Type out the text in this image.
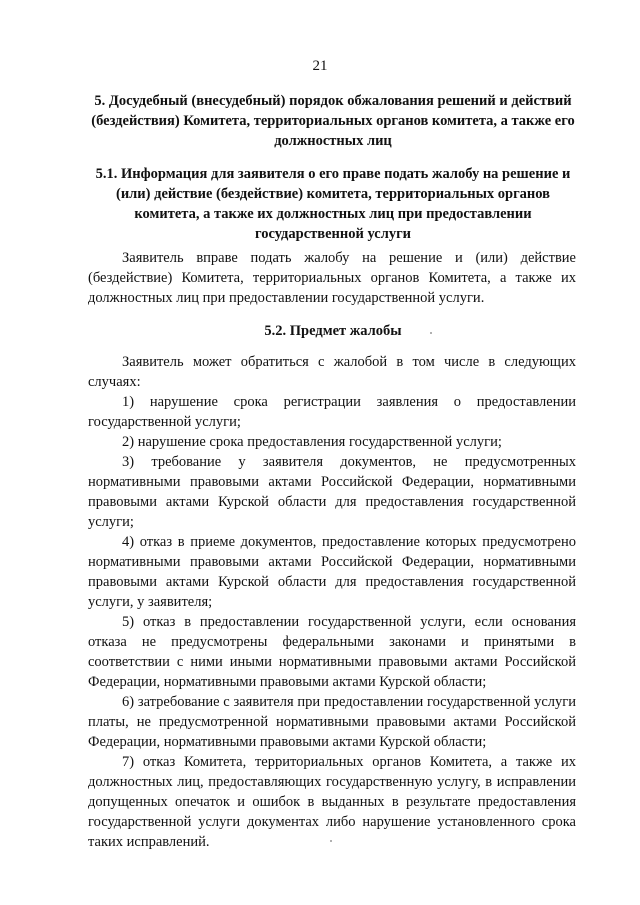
21
5. Досудебный (внесудебный) порядок обжалования решений и действий (бездействия) Комитета, территориальных органов комитета, а также его должностных лиц
5.1. Информация для заявителя о его праве подать жалобу на решение и (или) действие (бездействие) комитета, территориальных органов комитета, а также их должностных лиц при предоставлении государственной услуги

Заявитель вправе подать жалобу на решение и (или) действие (бездействие) Комитета, территориальных органов Комитета, а также их должностных лиц при предоставлении государственной услуги.

5.2. Предмет жалобы

Заявитель может обратиться с жалобой в том числе в следующих случаях:

1) нарушение срока регистрации заявления о предоставлении государственной услуги;

2) нарушение срока предоставления государственной услуги;

3) требование у заявителя документов, не предусмотренных нормативными правовыми актами Российской Федерации, нормативными правовыми актами Курской области для предоставления государственной услуги;

4) отказ в приеме документов, предоставление которых предусмотрено нормативными правовыми актами Российской Федерации, нормативными правовыми актами Курской области для предоставления государственной услуги, у заявителя;

5) отказ в предоставлении государственной услуги, если основания отказа не предусмотрены федеральными законами и принятыми в соответствии с ними иными нормативными правовыми актами Российской Федерации, нормативными правовыми актами Курской области;

6) затребование с заявителя при предоставлении государственной услуги платы, не предусмотренной нормативными правовыми актами Российской Федерации, нормативными правовыми актами Курской области;

7) отказ Комитета, территориальных органов Комитета, а также их должностных лиц, предоставляющих государственную услугу, в исправлении допущенных опечаток и ошибок в выданных в результате предоставления государственной услуги документах либо нарушение установленного срока таких исправлений.
